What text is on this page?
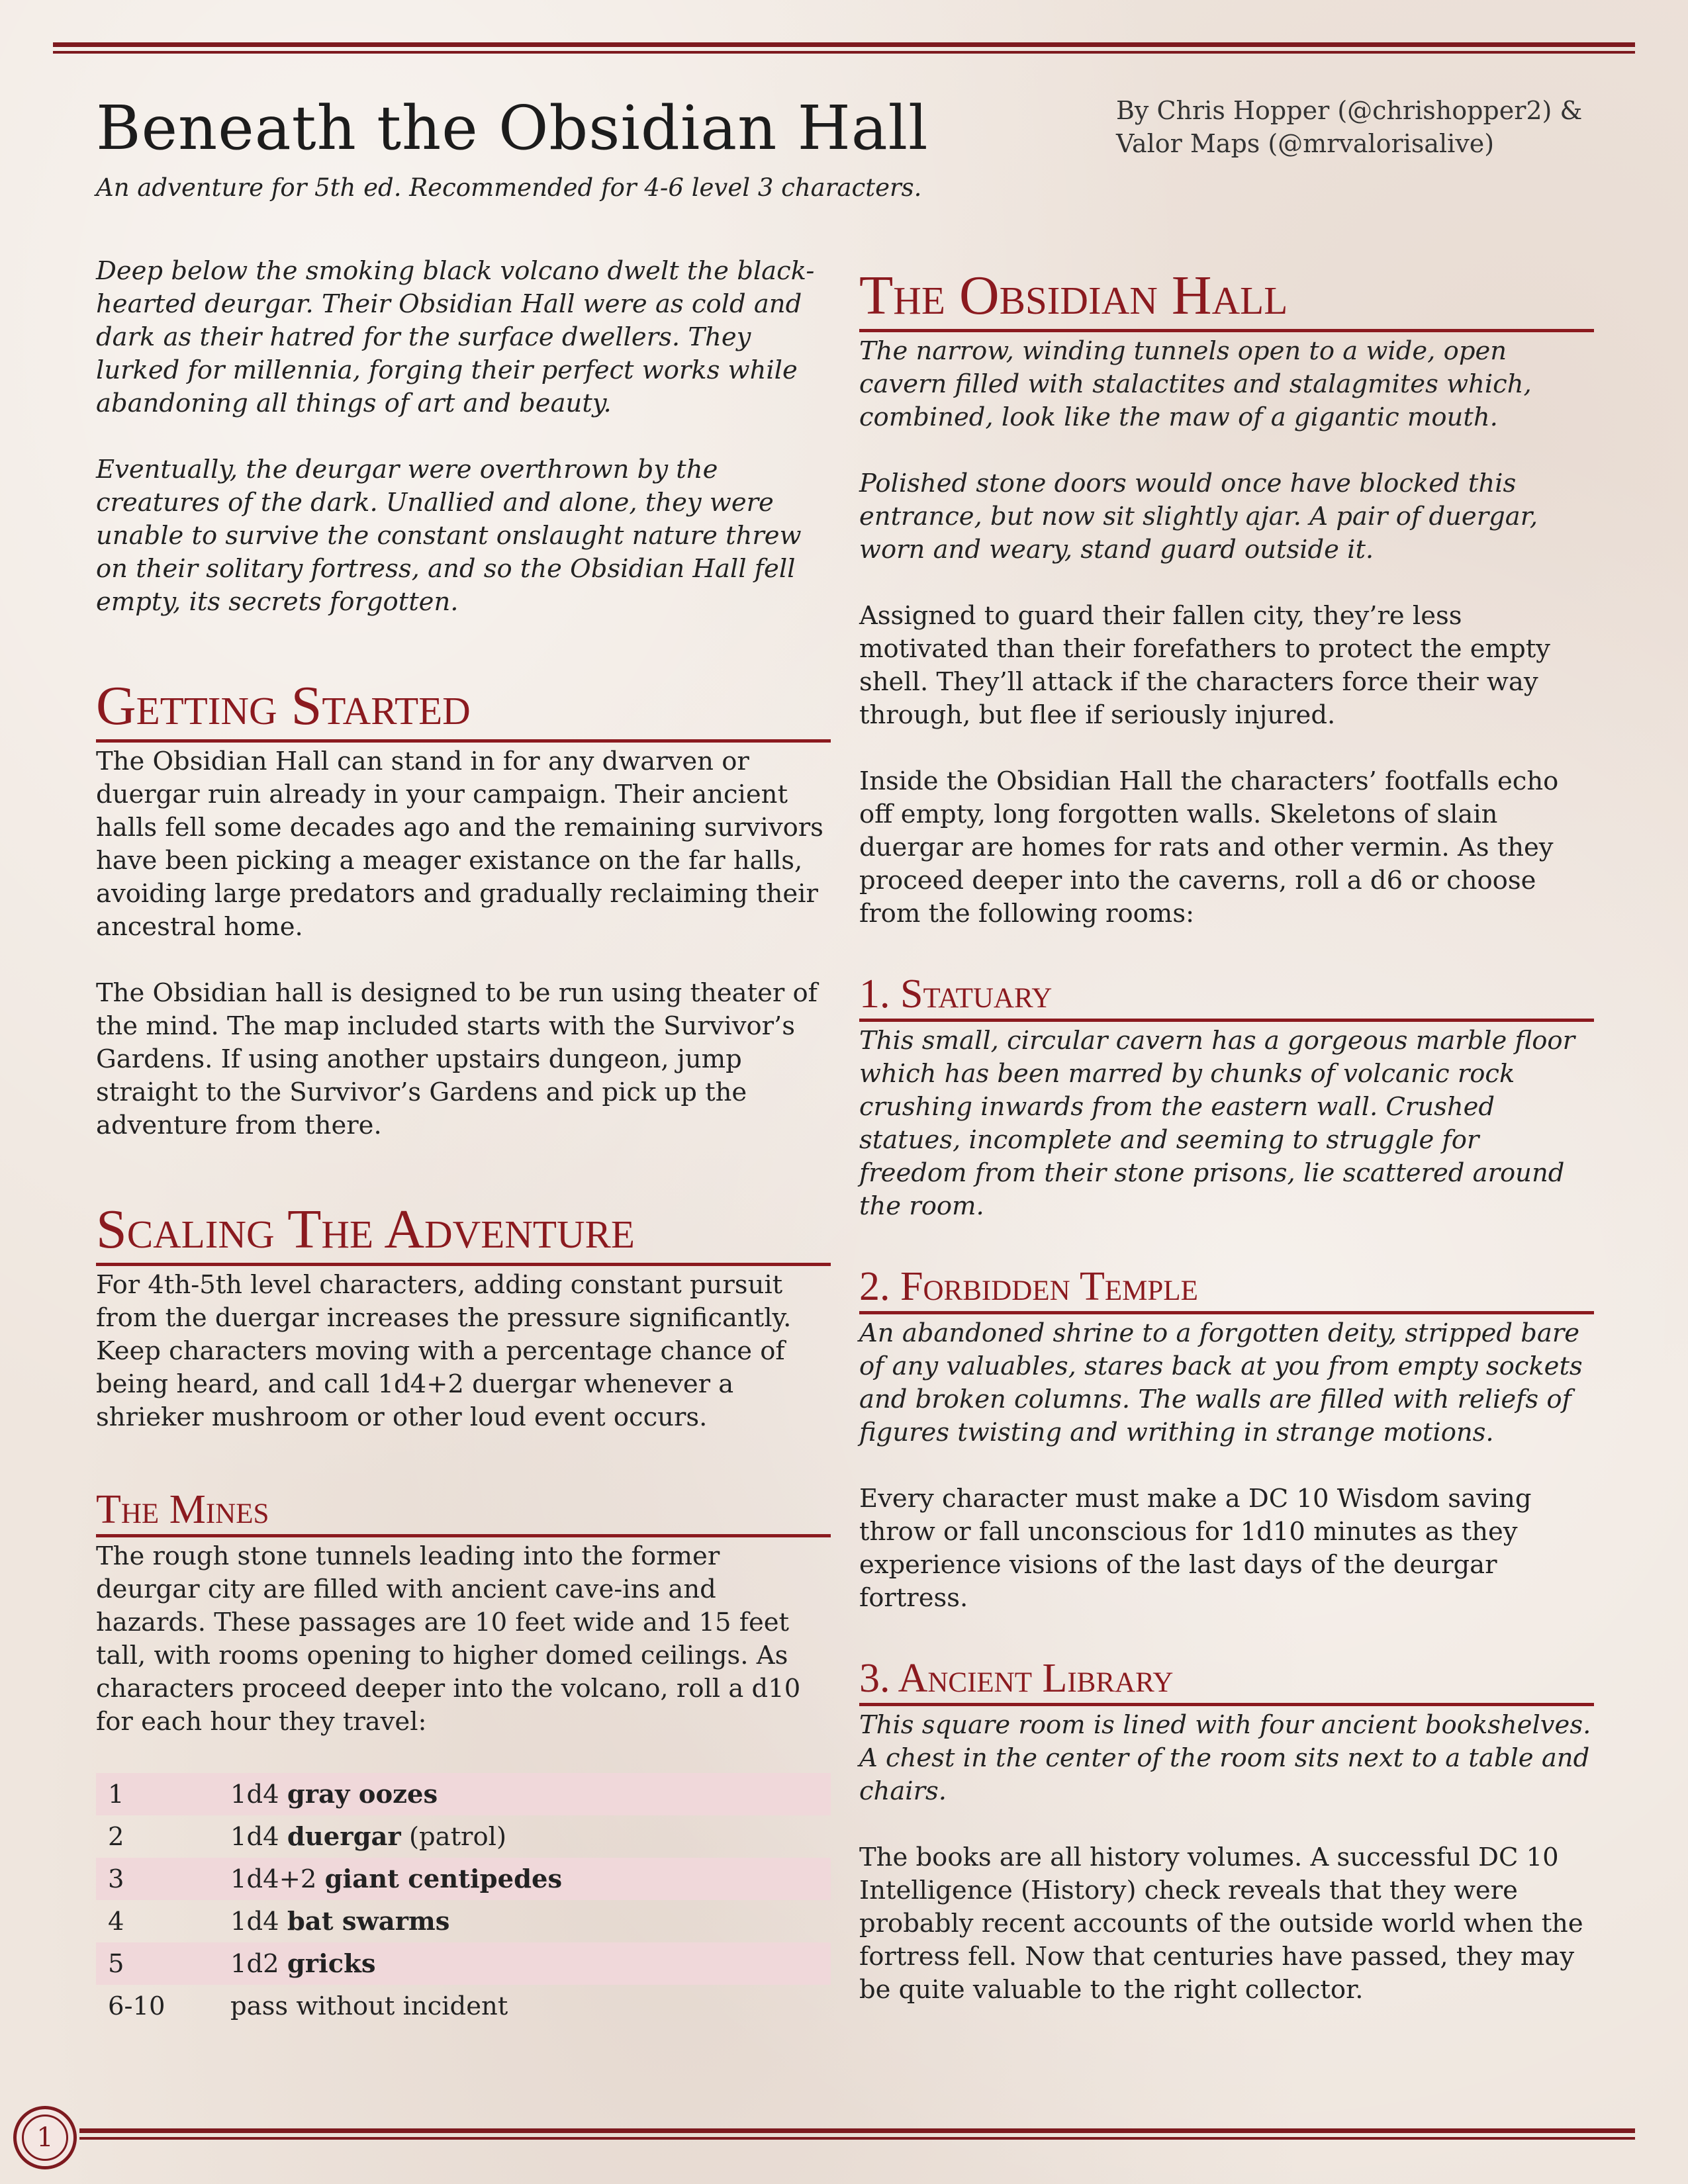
Beneath the Obsidian Hall
An adventure for 5th ed. Recommended for 4-6 level 3 characters.
By Chris Hopper (@chrishopper2) &
Valor Maps (@mrvalorisalive)

Deep below the smoking black volcano dwelt the black-hearted deurgar. Their Obsidian Hall were as cold and dark as their hatred for the surface dwellers. They lurked for millennia, forging their perfect works while abandoning all things of art and beauty.

Eventually, the deurgar were overthrown by the creatures of the dark. Unallied and alone, they were unable to survive the constant onslaught nature threw on their solitary fortress, and so the Obsidian Hall fell empty, its secrets forgotten.

Getting Started

The Obsidian Hall can stand in for any dwarven or duergar ruin already in your campaign. Their ancient halls fell some decades ago and the remaining survivors have been picking a meager existance on the far halls, avoiding large predators and gradually reclaiming their ancestral home.

The Obsidian hall is designed to be run using theater of the mind. The map included starts with the Survivor’s Gardens. If using another upstairs dungeon, jump straight to the Survivor’s Gardens and pick up the adventure from there.

Scaling The Adventure

For 4th-5th level characters, adding constant pursuit from the duergar increases the pressure significantly. Keep characters moving with a percentage chance of being heard, and call 1d4+2 duergar whenever a shrieker mushroom or other loud event occurs.

The Mines

The rough stone tunnels leading into the former deurgar city are filled with ancient cave-ins and hazards. These passages are 10 feet wide and 15 feet tall, with rooms opening to higher domed ceilings. As characters proceed deeper into the volcano, roll a d10 for each hour they travel:

1	1d4 gray oozes
2	1d4 duergar (patrol)
3	1d4+2 giant centipedes
4	1d4 bat swarms
5	1d2 gricks
6-10	pass without incident
The Obsidian Hall

The narrow, winding tunnels open to a wide, open cavern filled with stalactites and stalagmites which, combined, look like the maw of a gigantic mouth.

Polished stone doors would once have blocked this entrance, but now sit slightly ajar. A pair of duergar, worn and weary, stand guard outside it.

Assigned to guard their fallen city, they’re less motivated than their forefathers to protect the empty shell. They’ll attack if the characters force their way through, but flee if seriously injured.

Inside the Obsidian Hall the characters’ footfalls echo off empty, long forgotten walls. Skeletons of slain duergar are homes for rats and other vermin. As they proceed deeper into the caverns, roll a d6 or choose from the following rooms:

1. Statuary

This small, circular cavern has a gorgeous marble floor which has been marred by chunks of volcanic rock crushing inwards from the eastern wall. Crushed statues, incomplete and seeming to struggle for freedom from their stone prisons, lie scattered around the room.

2. Forbidden Temple

An abandoned shrine to a forgotten deity, stripped bare of any valuables, stares back at you from empty sockets and broken columns. The walls are filled with reliefs of figures twisting and writhing in strange motions.

Every character must make a DC 10 Wisdom saving throw or fall unconscious for 1d10 minutes as they experience visions of the last days of the deurgar fortress.

3. Ancient Library

This square room is lined with four ancient bookshelves. A chest in the center of the room sits next to a table and chairs.

The books are all history volumes. A successful DC 10 Intelligence (History) check reveals that they were probably recent accounts of the outside world when the fortress fell. Now that centuries have passed, they may be quite valuable to the right collector.

1
